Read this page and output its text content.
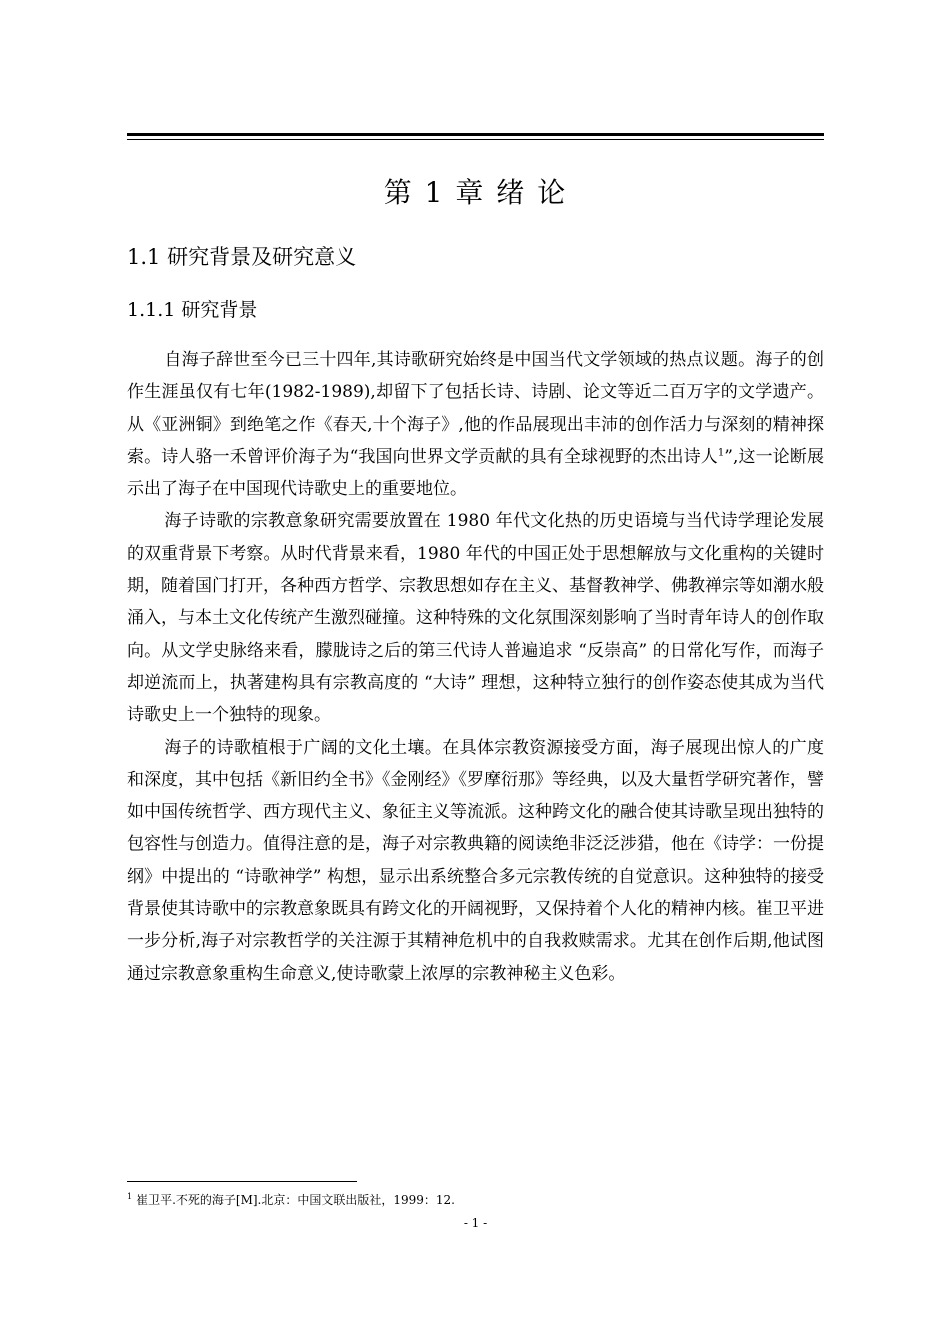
第 1 章 绪 论
1.1 研究背景及研究意义
1.1.1 研究背景

自海子辞世至今已三十四年,其诗歌研究始终是中国当代文学领域的热点议题。海子的创作生涯虽仅有七年(1982-1989),却留下了包括长诗、诗剧、论文等近二百万字的文学遗产。从《亚洲铜》到绝笔之作《春天,十个海子》,他的作品展现出丰沛的创作活力与深刻的精神探索。诗人骆一禾曾评价海子为“我国向世界文学贡献的具有全球视野的杰出诗人$^1$”,这一论断展示出了海子在中国现代诗歌史上的重要地位。

海子诗歌的宗教意象研究需要放置在 1980 年代文化热的历史语境与当代诗学理论发展的双重背景下考察。从时代背景来看，1980 年代的中国正处于思想解放与文化重构的关键时期，随着国门打开，各种西方哲学、宗教思想如存在主义、基督教神学、佛教禅宗等如潮水般涌入，与本土文化传统产生激烈碰撞。这种特殊的文化氛围深刻影响了当时青年诗人的创作取向。从文学史脉络来看，朦胧诗之后的第三代诗人普遍追求 “反崇高” 的日常化写作，而海子却逆流而上，执著建构具有宗教高度的 “大诗” 理想，这种特立独行的创作姿态使其成为当代诗歌史上一个独特的现象。

海子的诗歌植根于广阔的文化土壤。在具体宗教资源接受方面，海子展现出惊人的广度和深度，其中包括《新旧约全书》《金刚经》《罗摩衍那》等经典，以及大量哲学研究著作，譬如中国传统哲学、西方现代主义、象征主义等流派。这种跨文化的融合使其诗歌呈现出独特的包容性与创造力。值得注意的是，海子对宗教典籍的阅读绝非泛泛涉猎，他在《诗学：一份提纲》中提出的 “诗歌神学” 构想，显示出系统整合多元宗教传统的自觉意识。这种独特的接受背景使其诗歌中的宗教意象既具有跨文化的开阔视野，又保持着个人化的精神内核。崔卫平进一步分析,海子对宗教哲学的关注源于其精神危机中的自我救赎需求。尤其在创作后期,他试图通过宗教意象重构生命意义,使诗歌蒙上浓厚的宗教神秘主义色彩。

$^1$ 崔卫平.不死的海子[M].北京：中国文联出版社，1999：12.

- 1 -
